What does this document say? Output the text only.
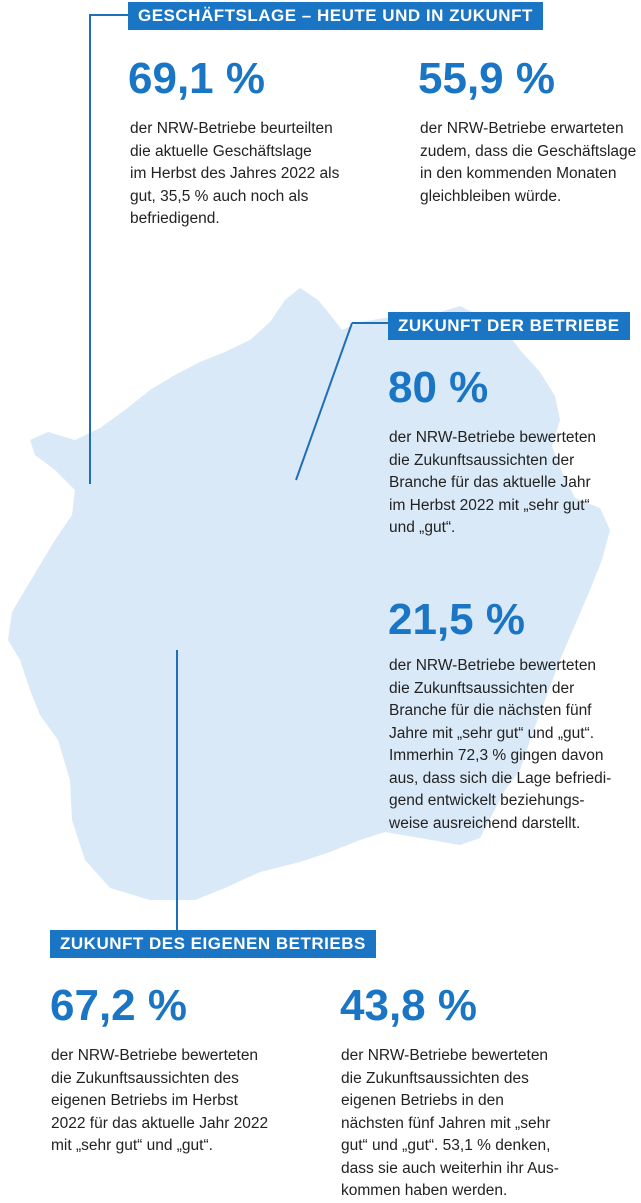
GESCHÄFTSLAGE – HEUTE UND IN ZUKUNFT
69,1 %
der NRW-Betriebe beurteilten
die aktuelle Geschäftslage
im Herbst des Jahres 2022 als
gut, 35,5 % auch noch als
befriedigend.
55,9 %
der NRW-Betriebe erwarteten
zudem, dass die Geschäftslage
in den kommenden Monaten
gleichbleiben würde.
ZUKUNFT DER BETRIEBE
80 %
der NRW-Betriebe bewerteten
die Zukunftsaussichten der
Branche für das aktuelle Jahr
im Herbst 2022 mit „sehr gut“
und „gut“.
21,5 %
der NRW-Betriebe bewerteten
die Zukunftsaussichten der
Branche für die nächsten fünf
Jahre mit „sehr gut“ und „gut“.
Immerhin 72,3 % gingen davon
aus, dass sich die Lage befriedi-
gend entwickelt beziehungs-
weise ausreichend darstellt.
ZUKUNFT DES EIGENEN BETRIEBS
67,2 %
der NRW-Betriebe bewerteten
die Zukunftsaussichten des
eigenen Betriebs im Herbst
2022 für das aktuelle Jahr 2022
mit „sehr gut“ und „gut“.
43,8 %
der NRW-Betriebe bewerteten
die Zukunftsaussichten des
eigenen Betriebs in den
nächsten fünf Jahren mit „sehr
gut“ und „gut“. 53,1 % denken,
dass sie auch weiterhin ihr Aus-
kommen haben werden.
